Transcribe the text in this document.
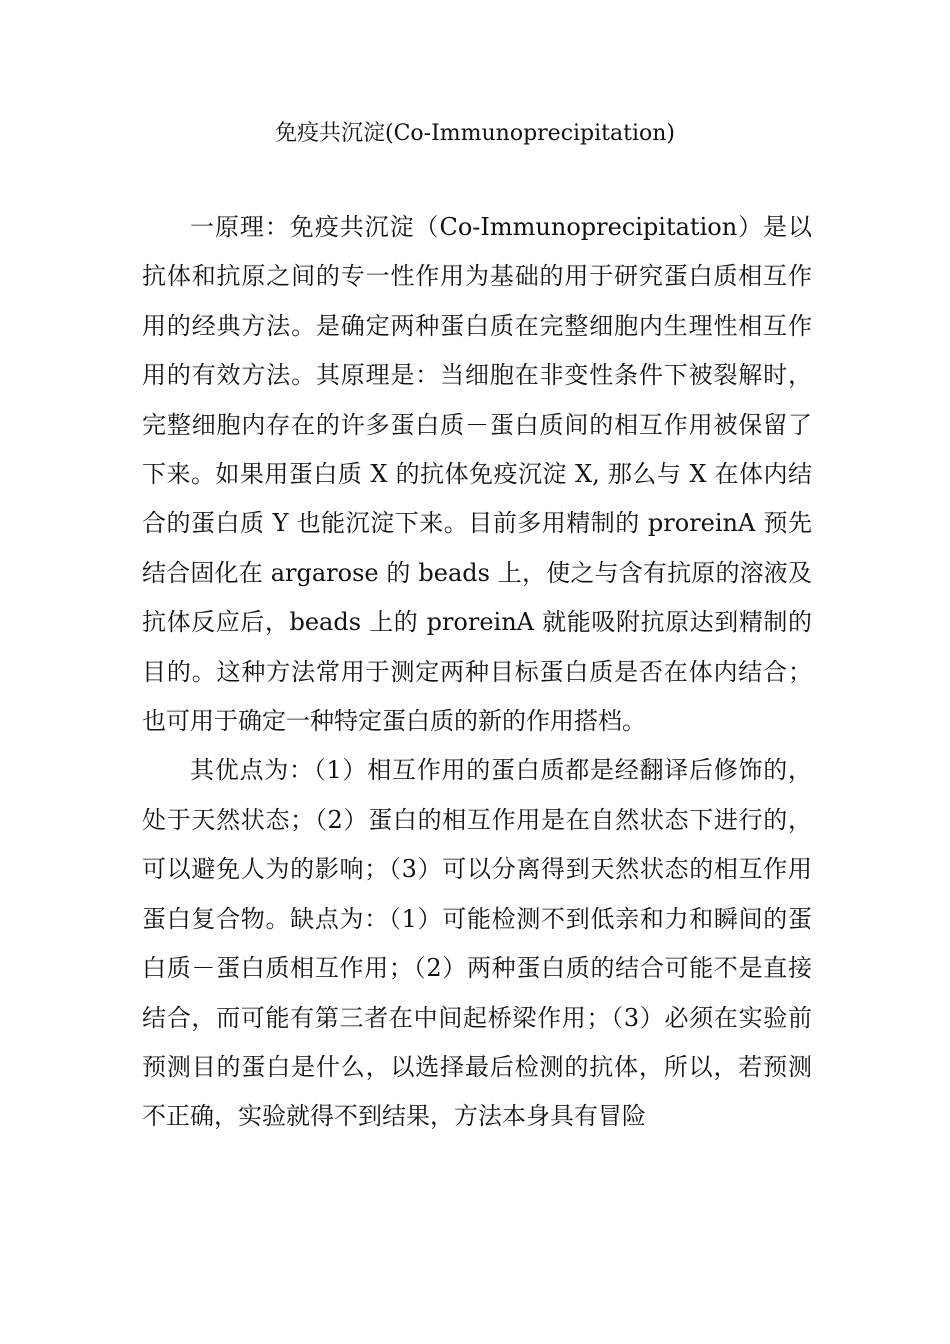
免疫共沉淀(Co-Immunoprecipitation)

一原理：免疫共沉淀（Co-Immunoprecipitation）是以抗体和抗原之间的专一性作用为基础的用于研究蛋白质相互作用的经典方法。是确定两种蛋白质在完整细胞内生理性相互作用的有效方法。其原理是：当细胞在非变性条件下被裂解时，完整细胞内存在的许多蛋白质－蛋白质间的相互作用被保留了下来。如果用蛋白质 X 的抗体免疫沉淀 X, 那么与 X 在体内结合的蛋白质 Y 也能沉淀下来。目前多用精制的 proreinA 预先结合固化在 argarose 的 beads 上，使之与含有抗原的溶液及抗体反应后，beads 上的 proreinA 就能吸附抗原达到精制的目的。这种方法常用于测定两种目标蛋白质是否在体内结合；也可用于确定一种特定蛋白质的新的作用搭档。

其优点为：（1）相互作用的蛋白质都是经翻译后修饰的，处于天然状态；（2）蛋白的相互作用是在自然状态下进行的，可以避免人为的影响；（3）可以分离得到天然状态的相互作用蛋白复合物。缺点为：（1）可能检测不到低亲和力和瞬间的蛋白质－蛋白质相互作用；（2）两种蛋白质的结合可能不是直接结合，而可能有第三者在中间起桥梁作用；（3）必须在实验前预测目的蛋白是什么，以选择最后检测的抗体，所以，若预测不正确，实验就得不到结果，方法本身具有冒险
